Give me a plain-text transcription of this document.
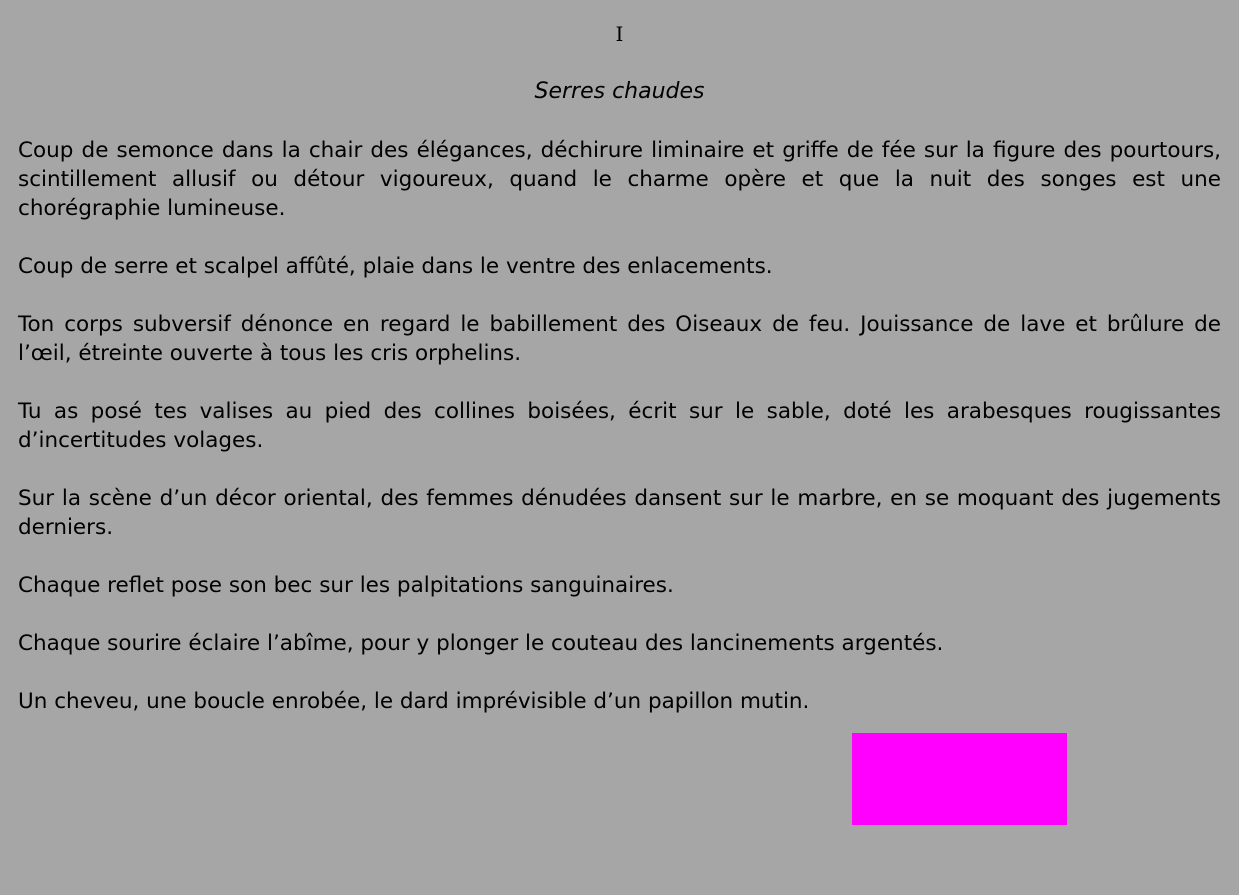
I
Serres chaudes

Coup de semonce dans la chair des élégances, déchirure liminaire et griffe de fée sur la figure des pourtours, scintillement allusif ou détour vigoureux, quand le charme opère et que la nuit des songes est une chorégraphie lumineuse.

Coup de serre et scalpel affûté, plaie dans le ventre des enlacements.

Ton corps subversif dénonce en regard le babillement des Oiseaux de feu. Jouissance de lave et brûlure de l’œil, étreinte ouverte à tous les cris orphelins.

Tu as posé tes valises au pied des collines boisées, écrit sur le sable, doté les arabesques rougissantes d’incertitudes volages.

Sur la scène d’un décor oriental, des femmes dénudées dansent sur le marbre, en se moquant des jugements derniers.

Chaque reflet pose son bec sur les palpitations sanguinaires.

Chaque sourire éclaire l’abîme, pour y plonger le couteau des lancinements argentés.

Un cheveu, une boucle enrobée, le dard imprévisible d’un papillon mutin.
